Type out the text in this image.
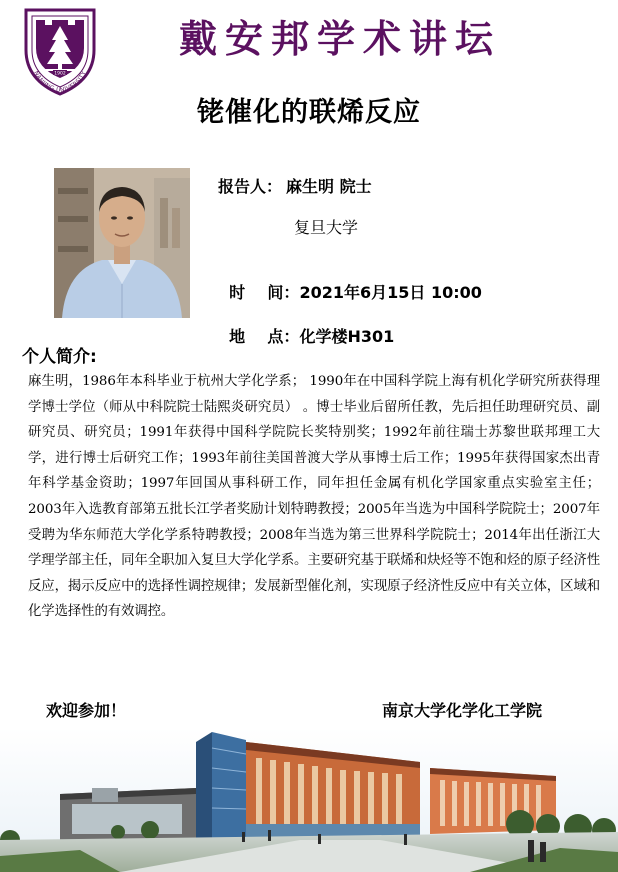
1902
NANJING UNIVERSITY
戴安邦学术讲坛
铑催化的联烯反应
报告人： 麻生明 院士
复旦大学

时    间：2021年6月15日 10:00

地    点：化学楼H301

个人简介:
麻生明，1986年本科毕业于杭州大学化学系； 1990年在中国科学院上海有机化学研究所获得理学博士学位（师从中科院院士陆熙炎研究员） 。博士毕业后留所任教，先后担任助理研究员、副研究员、研究员；1991年获得中国科学院院长奖特别奖；1992年前往瑞士苏黎世联邦理工大学，进行博士后研究工作；1993年前往美国普渡大学从事博士后工作；1995年获得国家杰出青年科学基金资助；1997年回国从事科研工作，同年担任金属有机化学国家重点实验室主任；2003年入选教育部第五批长江学者奖励计划特聘教授；2005年当选为中国科学院院士；2007年受聘为华东师范大学化学系特聘教授；2008年当选为第三世界科学院院士；2014年出任浙江大学理学部主任，同年全职加入复旦大学化学系。主要研究基于联烯和炔烃等不饱和烃的原子经济性反应，揭示反应中的选择性调控规律；发展新型催化剂，实现原子经济性反应中有关立体，区域和化学选择性的有效调控。
欢迎参加！	南京大学化学化工学院
